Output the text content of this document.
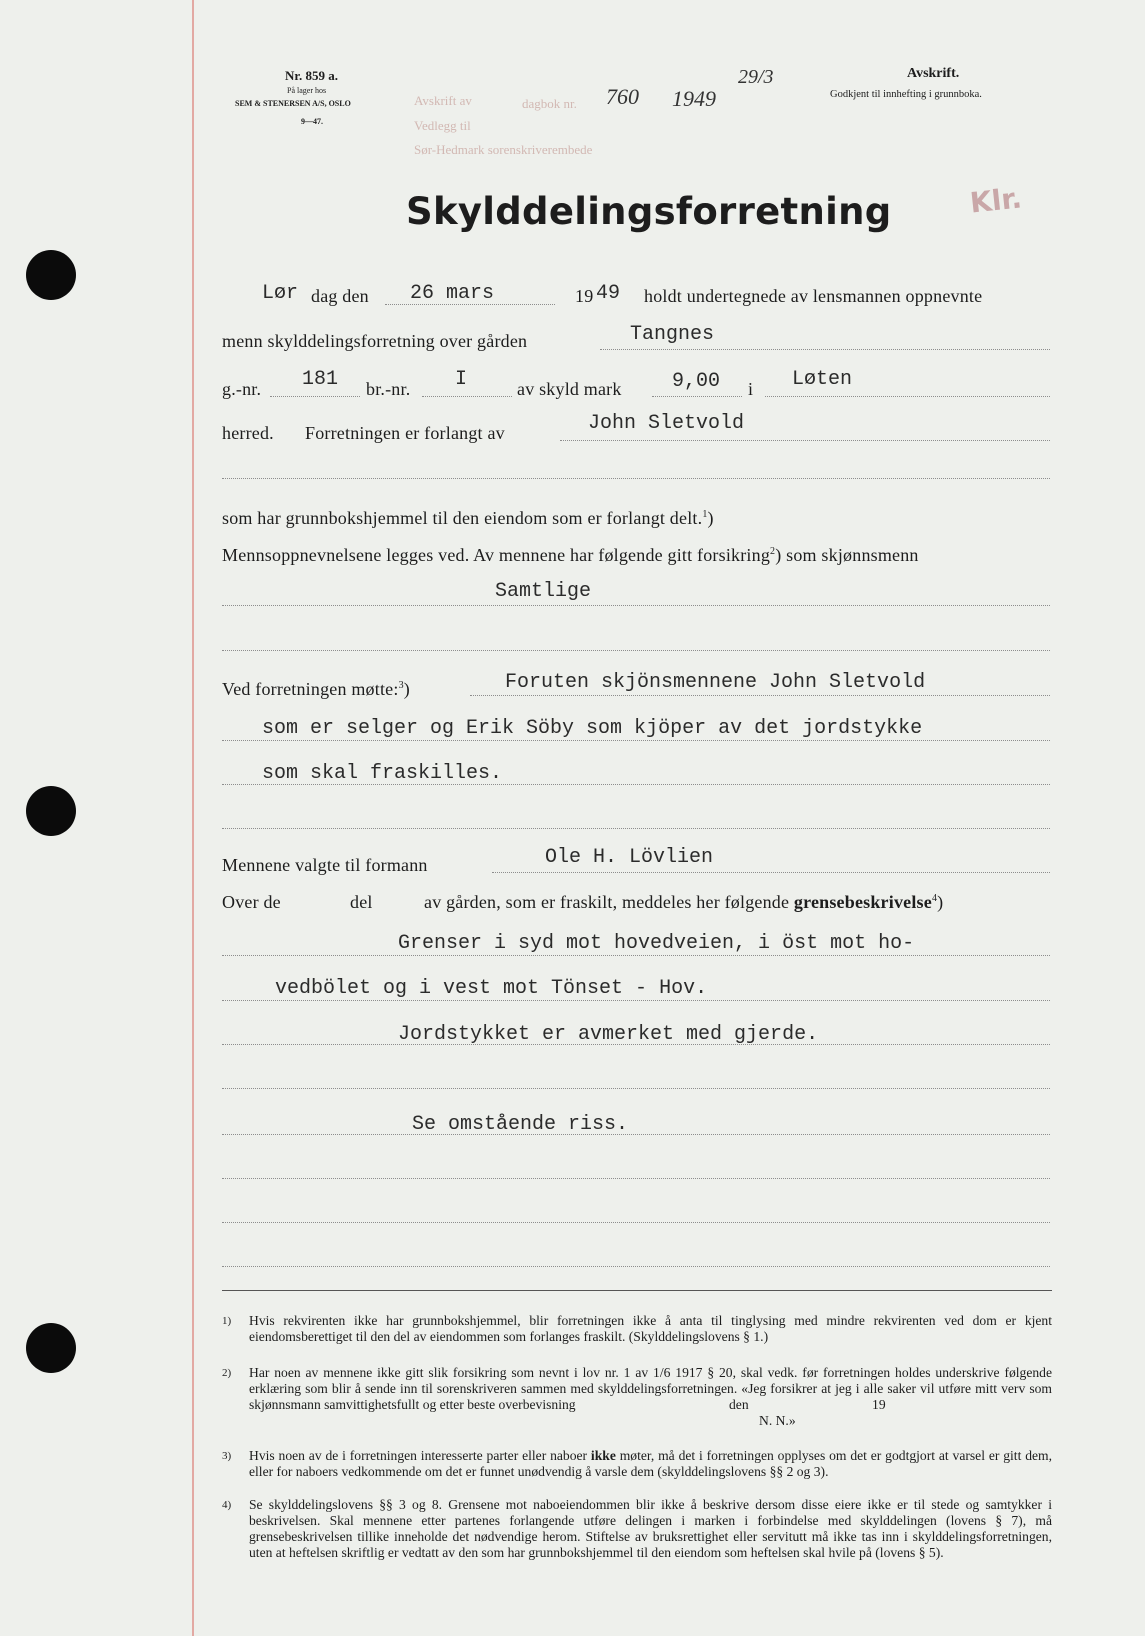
Nr. 859 a.
På lager hos
SEM & STENERSEN A/S, OSLO
9—47.
Avskrift av	dagbok nr.
Vedlegg til
Sør-Hedmark sorenskriverembede
760 1949
29/3	Avskrift.
Godkjent til innhefting i grunnboka.
Skylddelingsforretning	Klr.
Lør dag den 26 mars	19 49 holdt undertegnede av lensmannen oppnevnte
menn skylddelingsforretning over gården	Tangnes
g.-nr. 181 br.-nr. I	av skyld mark	9,00 i Løten
herred. Forretningen er forlangt av	John Sletvold
som har grunnbokshjemmel til den eiendom som er forlangt delt.$^1$)
Mennsoppnevnelsene legges ved. Av mennene har følgende gitt forsikring$^2$) som skjønnsmenn
Samtlige
Ved forretningen møtte:$^3$)	Foruten skjönsmennene John Sletvold
som er selger og Erik Söby som kjöper av det jordstykke
som skal fraskilles.
Mennene valgte til formann	Ole H. Lövlien
Over de	del	av gården, som er fraskilt, meddeles her følgende grensebeskrivelse$^4$)
Grenser i syd mot hovedveien, i öst mot ho-
vedbölet og i vest mot Tönset - Hov.
Jordstykket er avmerket med gjerde.
Se omstående riss.
1) Hvis rekvirenten ikke har grunnbokshjemmel, blir forretningen ikke å anta til tinglysing med mindre rekvirenten ved dom er kjent eiendomsberettiget til den del av eiendommen som forlanges fraskilt. (Skylddelingslovens § 1.)
2) Har noen av mennene ikke gitt slik forsikring som nevnt i lov nr. 1 av 1/6 1917 § 20, skal vedk. før forretningen holdes underskrive følgende erklæring som blir å sende inn til sorenskriveren sammen med skylddelingsforretningen. «Jeg forsikrer at jeg i alle saker vil utføre mitt verv som skjønnsmann samvittighetsfullt og etter beste overbevisning	den	19
N. N.»
3) Hvis noen av de i forretningen interesserte parter eller naboer ikke møter, må det i forretningen opplyses om det er godtgjort at varsel er gitt dem, eller for naboers vedkommende om det er funnet unødvendig å varsle dem (skylddelingslovens §§ 2 og 3).
4) Se skylddelingslovens §§ 3 og 8. Grensene mot naboeiendommen blir ikke å beskrive dersom disse eiere ikke er til stede og samtykker i beskrivelsen. Skal mennene etter partenes forlangende utføre delingen i marken i forbindelse med skylddelingen (lovens § 7), må grensebeskrivelsen tillike inneholde det nødvendige herom. Stiftelse av bruksrettighet eller servitutt må ikke tas inn i skylddelingsforretningen, uten at heftelsen skriftlig er vedtatt av den som har grunnbokshjemmel til den eiendom som heftelsen skal hvile på (lovens § 5).
